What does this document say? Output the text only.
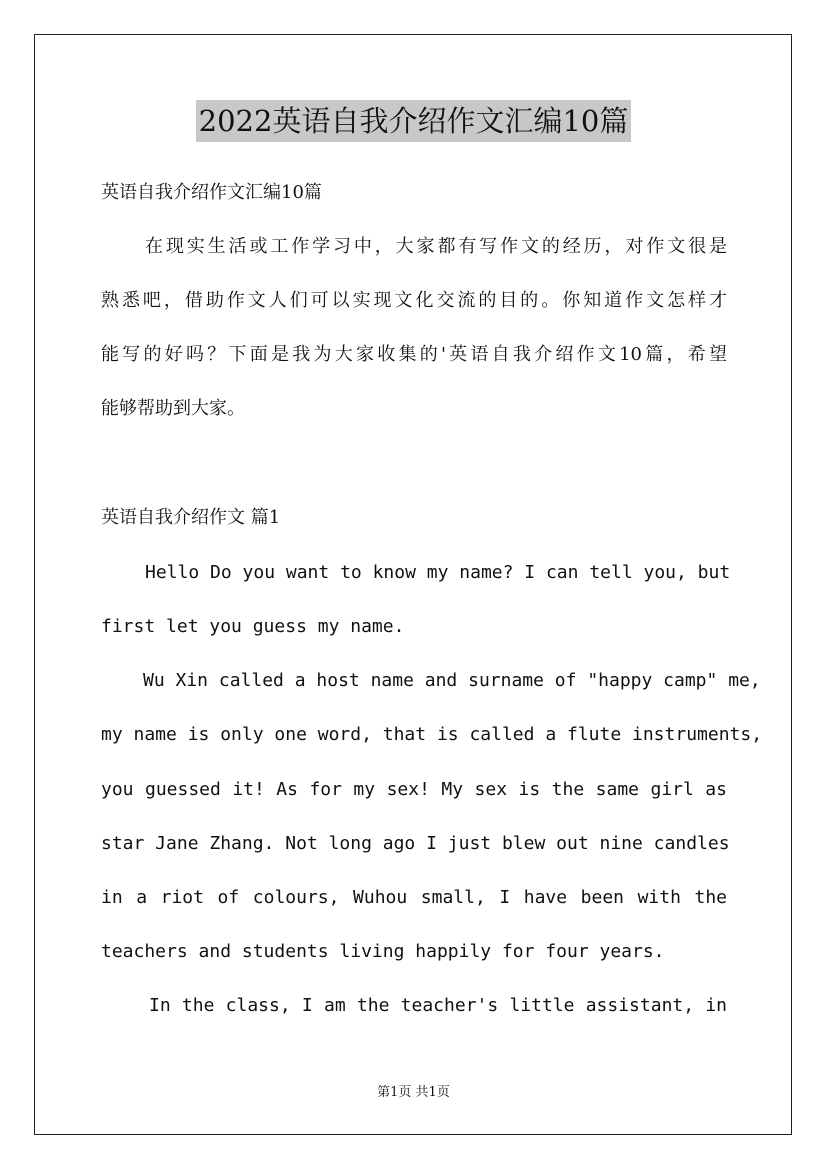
2022英语自我介绍作文汇编10篇
英语自我介绍作文汇编10篇
在现实生活或工作学习中，大家都有写作文的经历，对作文很是
熟悉吧，借助作文人们可以实现文化交流的目的。你知道作文怎样才
能写的好吗？下面是我为大家收集的'英语自我介绍作文10篇，希望
能够帮助到大家。
英语自我介绍作文 篇1
Hello Do you want to know my name? I can tell you, but
first let you guess my name.
Wu Xin called a host name and surname of "happy camp" me,
my name is only one word, that is called a flute instruments,
you guessed it! As for my sex! My sex is the same girl as
star Jane Zhang. Not long ago I just blew out nine candles
in a riot of colours, Wuhou small, I have been with the
teachers and students living happily for four years.
In the class, I am the teacher's little assistant, in
第1页 共1页
